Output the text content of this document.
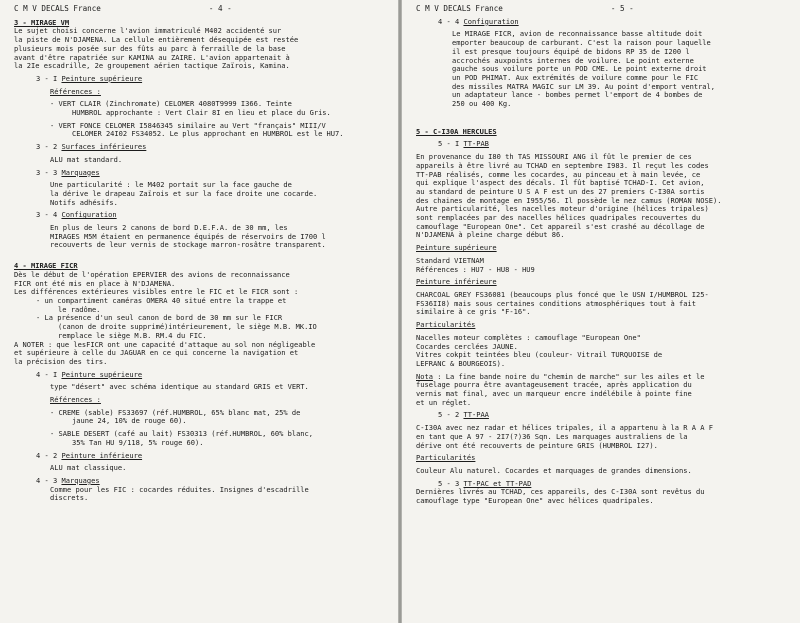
C M V DECALS France	- 4 -
3 - MIRAGE VM

Le sujet choisi concerne l'avion immatriculé M402 accidenté sur

la piste de N'DJAMENA. La cellule entièrement désequipée est restée

plusieurs mois posée sur des fûts au parc à ferraille de la base

avant d'être rapatriée sur KAMINA au ZAIRE. L'avion appartenait à

la 2Ie escadrille, 2e groupement aérien tactique Zaïrois, Kamina.

3 - I Peinture supérieure

Références :

- VERT CLAIR (Zinchromate) CELOMER 4080T9999 I366. Teinte

HUMBROL approchante : Vert Clair 8I en lieu et place du Gris.

- VERT FONCE CELOMER I5846345 similaire au Vert "français" MIII/V

CELOMER 24I02 FS34052. Le plus approchant en HUMBROL est le HU7.

3 - 2 Surfaces inférieures

ALU mat standard.

3 - 3 Marquages

Une particularité : le M402 portait sur la face gauche de

la dérive le drapeau Zaïrois et sur la face droite une cocarde.

Notifs adhésifs.

3 - 4 Configuration

En plus de leurs 2 canons de bord D.E.F.A. de 30 mm, les

MIRAGES M5M étaient en permanence équipés de réservoirs de I700 l

recouverts de leur vernis de stockage marron-rosâtre transparent.

4 - MIRAGE FICR

Dès le début de l'opération EPERVIER des avions de reconnaissance

FICR ont été mis en place à N'DJAMENA.

Les différences extérieures visibles entre le FIC et le FICR sont :

- un compartiment caméras OMERA 40 situé entre la trappe et

le radôme.

- La présence d'un seul canon de bord de 30 mm sur le FICR

(canon de droite supprimé)intérieurement, le siège M.B. MK.IO

remplace le siège M.B. RM.4 du FIC.

A NOTER : que lesFICR ont une capacité d'attaque au sol non négligeable

et supérieure à celle du JAGUAR en ce qui concerne la navigation et

la précision des tirs.

4 - I Peinture supérieure

type "désert" avec schéma identique au standard GRIS et VERT.

Références :

- CREME (sable) FS33697 (réf.HUMBROL, 65% blanc mat, 25% de

jaune 24, 10% de rouge 60).

- SABLE DESERT (café au lait) FS30313 (réf.HUMBROL, 60% blanc,

35% Tan HU 9/118, 5% rouge 60).

4 - 2 Peinture inférieure

ALU mat classique.

4 - 3 Marquages

Comme pour les FIC : cocardes réduites. Insignes d'escadrille

discrets.

C M V DECALS France	- 5 -
4 - 4 Configuration

Le MIRAGE FICR, avion de reconnaissance basse altitude doit

emporter beaucoup de carburant. C'est la raison pour laquelle

il est presque toujours équipé de bidons RP 35 de I200 l

accrochés auxpoints internes de voilure. Le point externe

gauche sous voilure porte un POD CME. Le point externe droit

un POD PHIMAT. Aux extrémités de voilure comme pour le FIC

des missiles MATRA MAGIC sur LM 39. Au point d'emport ventral,

un adaptateur lance - bombes permet l'emport de 4 bombes de

250 ou 400 Kg.

5 - C-I30A HERCULES
5 - I TT-PAB

En provenance du I80 th TAS MISSOURI ANG il fût le premier de ces

appareils à être livré au TCHAD en septembre I983. Il reçut les codes

TT-PAB réalisés, comme les cocardes, au pinceau et à main levée, ce

qui explique l'aspect des décals. Il fût baptisé TCHAD-I. Cet avion,

au standard de peinture U S A F est un des 27 premiers C-I30A sortis

des chaines de montage en I955/56. Il possède le nez camus (ROMAN NOSE).

Autre particularité, les nacelles moteur d'origine (hélices tripales)

sont remplacées par des nacelles hélices quadripales recouvertes du

camouflage "European One". Cet appareil s'est crashé au décollage de

N'DJAMENA à pleine charge début 86.

Peinture supérieure

Standard VIETNAM

Références : HU7 - HU8 - HU9

Peinture inférieure

CHARCOAL GREY FS36081 (beaucoups plus foncé que le USN I/HUMBROL I25-

FS36II8) mais sous certaines conditions atmosphériques tout à fait

similaire à ce gris "F-16".

Particularités

Nacelles moteur complètes : camouflage "European One"

Cocardes cerclées JAUNE.

Vitres cokpit teintées bleu (couleur- Vitrail TURQUOISE de

LEFRANC & BOURGEOIS).

Nota : La fine bande noire du "chemin de marche" sur les ailes et le

fuselage pourra être avantageusement tracée, après application du

vernis mat final, avec un marqueur encre indélébile à pointe fine

et un réglet.

5 - 2 TT-PAA

C-I30A avec nez radar et hélices tripales, il a appartenu à la R A A F

en tant que A 97 - 2I7(?)36 Sqn. Les marquages australiens de la

dérive ont été recouverts de peinture GRIS (HUMBROL I27).

Particularités

Couleur Alu naturel. Cocardes et marquages de grandes dimensions.

5 - 3 TT-PAC et TT-PAD

Dernières livrés au TCHAD, ces appareils, des C-I30A sont revêtus du

camouflage type "European One" avec hélices quadripales.
